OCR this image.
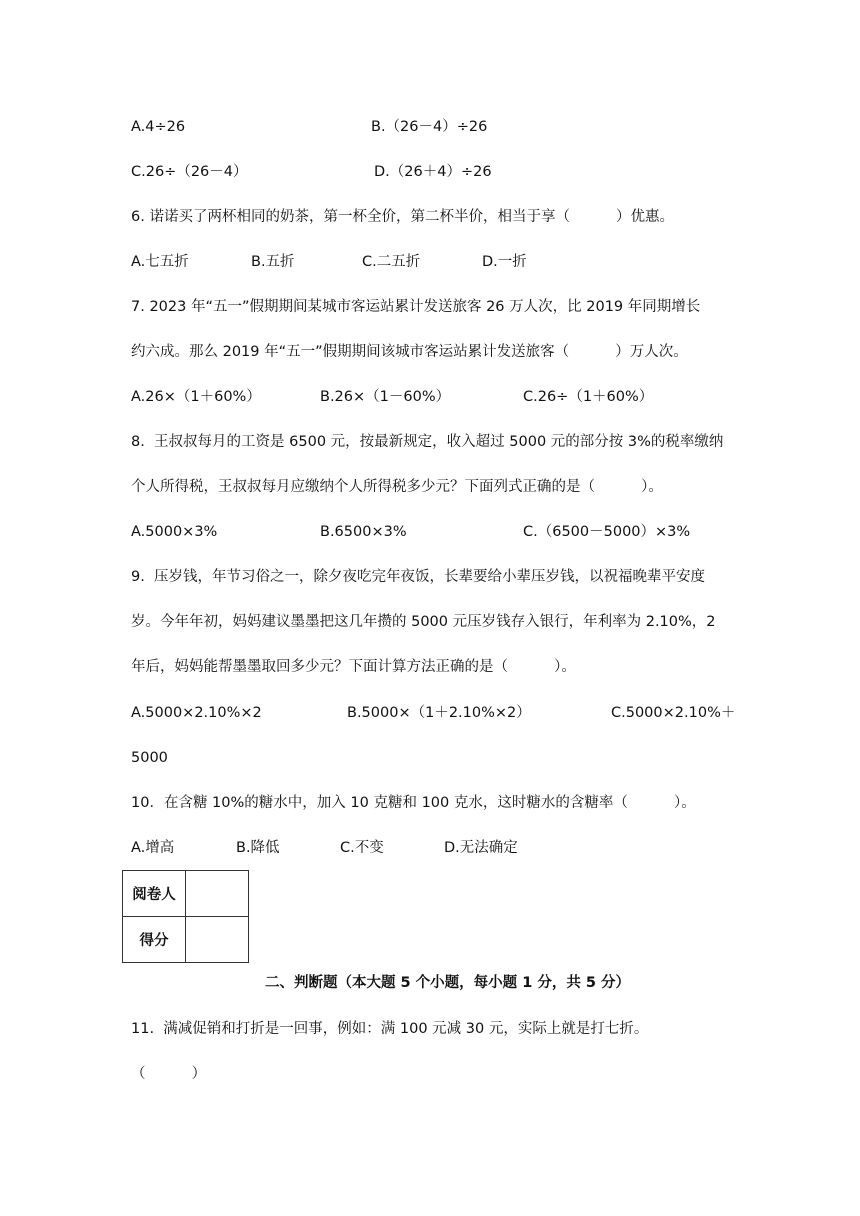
A.4÷26	B.（26－4）÷26
C.26÷（26－4）	D.（26＋4）÷26
6. 诺诺买了两杯相同的奶茶，第一杯全价，第二杯半价，相当于享（          ）优惠。
A.七五折	B.五折	C.二五折	D.一折
7. 2023 年“五一”假期期间某城市客运站累计发送旅客 26 万人次，比 2019 年同期增长
约六成。那么 2019 年“五一”假期期间该城市客运站累计发送旅客（          ）万人次。
A.26×（1＋60%）	B.26×（1－60%）	C.26÷（1＋60%）
8.  王叔叔每月的工资是 6500 元，按最新规定，收入超过 5000 元的部分按 3%的税率缴纳
个人所得税，王叔叔每月应缴纳个人所得税多少元？下面列式正确的是（          ）。
A.5000×3%	B.6500×3%	C.（6500－5000）×3%
9.  压岁钱，年节习俗之一，除夕夜吃完年夜饭，长辈要给小辈压岁钱，以祝福晚辈平安度
岁。今年年初，妈妈建议墨墨把这几年攒的 5000 元压岁钱存入银行，年利率为 2.10%，2
年后，妈妈能帮墨墨取回多少元？下面计算方法正确的是（          ）。
A.5000×2.10%×2	B.5000×（1＋2.10%×2）	C.5000×2.10%＋
5000
10．在含糖 10%的糖水中，加入 10 克糖和 100 克水，这时糖水的含糖率（          ）。
A.增高	B.降低	C.不变	D.无法确定
阅卷人	
得分	
二、判断题（本大题 5 个小题，每小题 1 分，共 5 分）
11.  满减促销和打折是一回事，例如：满 100 元减 30 元，实际上就是打七折。
（          ）
